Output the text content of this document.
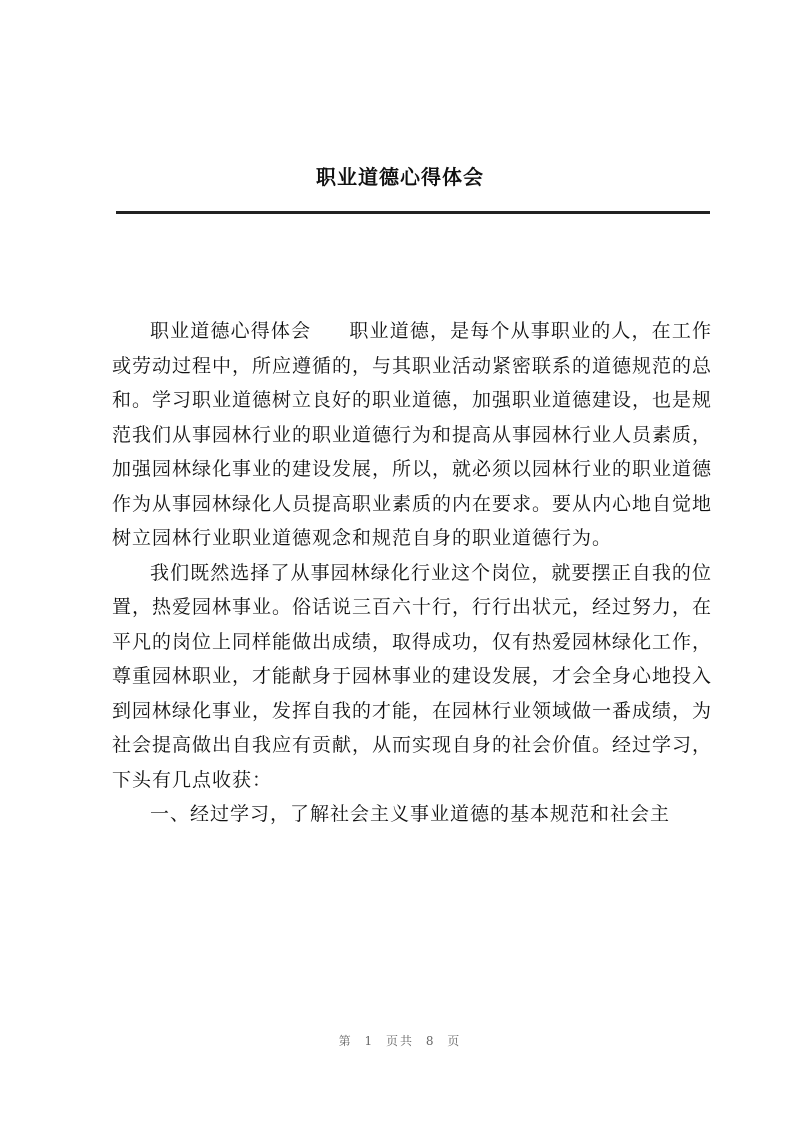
职业道德心得体会

职业道德心得体会 职业道德，是每个从事职业的人，在工作或劳动过程中，所应遵循的，与其职业活动紧密联系的道德规范的总和。学习职业道德树立良好的职业道德，加强职业道德建设，也是规范我们从事园林行业的职业道德行为和提高从事园林行业人员素质，加强园林绿化事业的建设发展，所以，就必须以园林行业的职业道德作为从事园林绿化人员提高职业素质的内在要求。要从内心地自觉地树立园林行业职业道德观念和规范自身的职业道德行为。

我们既然选择了从事园林绿化行业这个岗位，就要摆正自我的位置，热爱园林事业。俗话说三百六十行，行行出状元，经过努力，在平凡的岗位上同样能做出成绩，取得成功，仅有热爱园林绿化工作，尊重园林职业，才能献身于园林事业的建设发展，才会全身心地投入到园林绿化事业，发挥自我的才能，在园林行业领域做一番成绩，为社会提高做出自我应有贡献，从而实现自身的社会价值。经过学习，下头有几点收获：

一、经过学习，了解社会主义事业道德的基本规范和社会主

第 1 页共 8 页
